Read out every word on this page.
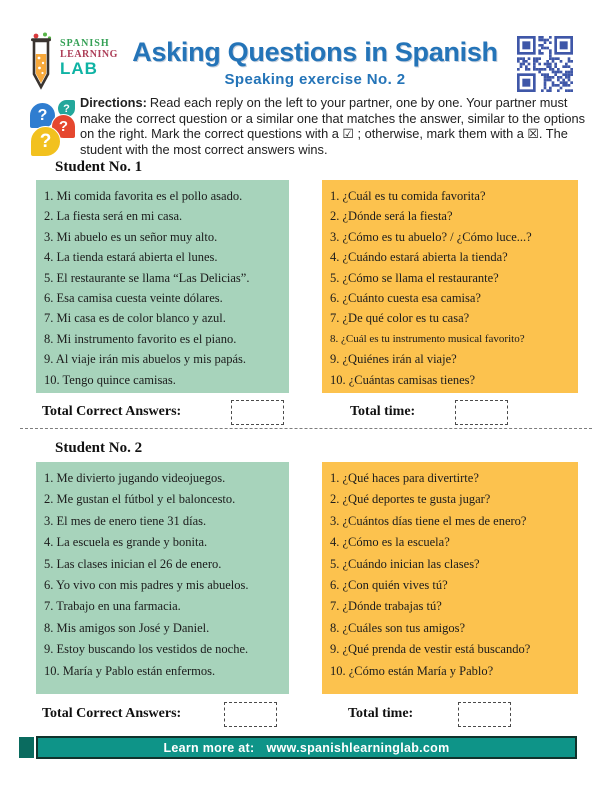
SPANISH
LEARNING
LAB
Asking Questions in Spanish
Speaking exercise No. 2
?
?
?
?

Directions: Read each reply on the left to your partner, one by one. Your partner must make the correct question or a similar one that matches the answer, similar to the options on the right. Mark the correct questions with a ☑ ; otherwise, mark them with a ☒. The student with the most correct answers wins.

Student No. 1
1. Mi comida favorita es el pollo asado.
2. La fiesta será en mi casa.
3. Mi abuelo es un señor muy alto.
4. La tienda estará abierta el lunes.
5. El restaurante se llama “Las Delicias”.
6. Esa camisa cuesta veinte dólares.
7. Mi casa es de color blanco y azul.
8. Mi instrumento favorito es el piano.
9. Al viaje irán mis abuelos y mis papás.
10. Tengo quince camisas.
1. ¿Cuál es tu comida favorita?
2. ¿Dónde será la fiesta?
3. ¿Cómo es tu abuelo? / ¿Cómo luce...?
4. ¿Cuándo estará abierta la tienda?
5. ¿Cómo se llama el restaurante?
6. ¿Cuánto cuesta esa camisa?
7. ¿De qué color es tu casa?
8. ¿Cuál es tu instrumento musical favorito?
9. ¿Quiénes irán al viaje?
10. ¿Cuántas camisas tienes?
Total Correct Answers:	Total time:
Student No. 2
1. Me divierto jugando videojuegos.
2. Me gustan el fútbol y el baloncesto.
3. El mes de enero tiene 31 días.
4. La escuela es grande y bonita.
5. Las clases inician el 26 de enero.
6. Yo vivo con mis padres y mis abuelos.
7. Trabajo en una farmacia.
8. Mis amigos son José y Daniel.
9. Estoy buscando los vestidos de noche.
10. María y Pablo están enfermos.
1. ¿Qué haces para divertirte?
2. ¿Qué deportes te gusta jugar?
3. ¿Cuántos días tiene el mes de enero?
4. ¿Cómo es la escuela?
5. ¿Cuándo inician las clases?
6. ¿Con quién vives tú?
7. ¿Dónde trabajas tú?
8. ¿Cuáles son tus amigos?
9. ¿Qué prenda de vestir está buscando?
10. ¿Cómo están María y Pablo?
Total Correct Answers:	Total time:
Learn more at: www.spanishlearninglab.com
